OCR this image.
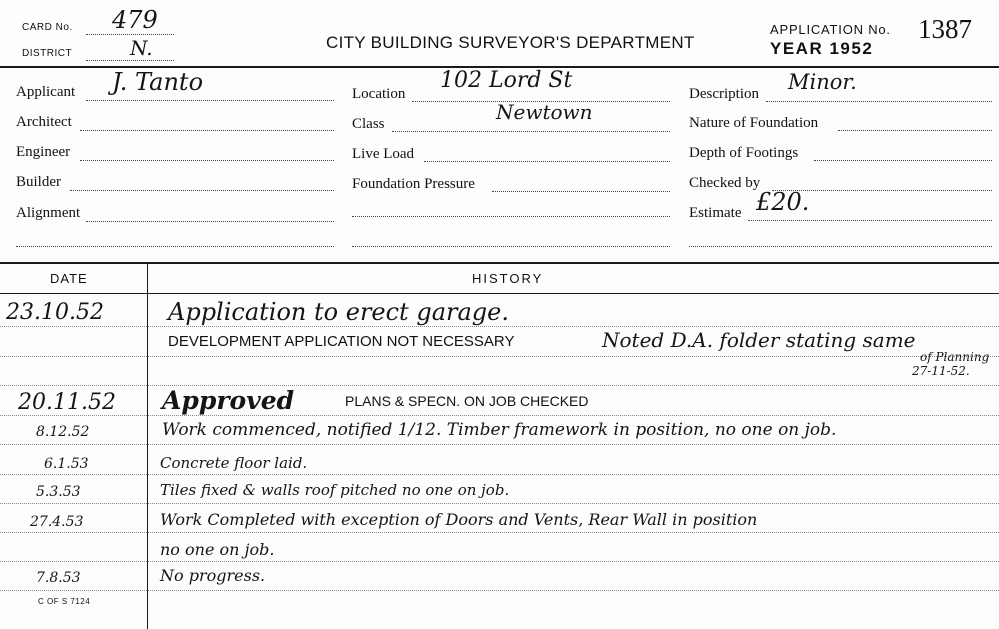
CARD No. 479
DISTRICT	N.	CITY BUILDING SURVEYOR'S DEPARTMENT
APPLICATION No. 1387
YEAR 1952
Applicant J. Tanto
Architect
Engineer
Builder
Alignment
Location
102 Lord St
Class	Newtown
Live Load
Foundation Pressure
Description Minor.
Nature of Foundation
Depth of Footings
Checked by
Estimate £20.
DATE	HISTORY
23.10.52	Application to erect garage.
DEVELOPMENT APPLICATION NOT NECESSARY	Noted D.A. folder stating same
of Planning
27-11-52.
20.11.52 Approved	PLANS & SPECN. ON JOB CHECKED
8.12.52	Work commenced, notified 1/12. Timber framework in position, no one on job.
6.1.53	Concrete floor laid.
5.3.53	Tiles fixed & walls roof pitched no one on job.
27.4.53	Work Completed with exception of Doors and Vents, Rear Wall in position
no one on job.
7.8.53	No progress.
C OF S 7124
